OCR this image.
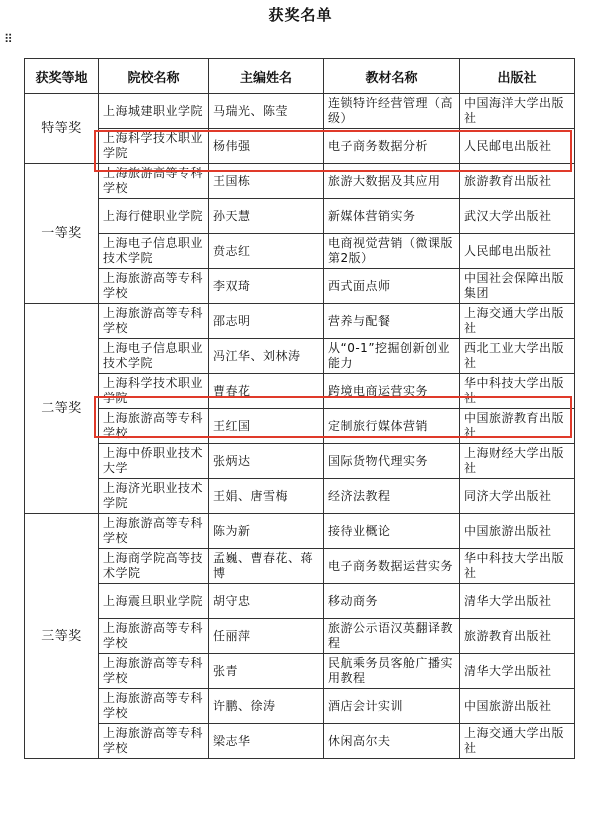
获奖名单
⠿
获奖等地	院校名称	主编姓名	教材名称	出版社
特等奖	上海城建职业学院	马瑞光、陈莹	连锁特许经营管理（高级）	中国海洋大学出版社
	上海科学技术职业学院	杨伟强	电子商务数据分析	人民邮电出版社
一等奖	上海旅游高等专科学校	王国栋	旅游大数据及其应用	旅游教育出版社
	上海行健职业学院	孙天慧	新媒体营销实务	武汉大学出版社
	上海电子信息职业技术学院	贲志红	电商视觉营销（微课版 第2版）	人民邮电出版社
	上海旅游高等专科学校	李双琦	西式面点师	中国社会保障出版集团
二等奖	上海旅游高等专科学校	邵志明	营养与配餐	上海交通大学出版社
	上海电子信息职业技术学院	冯江华、刘林涛	从“0-1”挖掘创新创业能力	西北工业大学出版社
	上海科学技术职业学院	曹春花	跨境电商运营实务	华中科技大学出版社
	上海旅游高等专科学校	王红国	定制旅行媒体营销	中国旅游教育出版社
	上海中侨职业技术大学	张炳达	国际货物代理实务	上海财经大学出版社
	上海济光职业技术学院	王娟、唐雪梅	经济法教程	同济大学出版社
三等奖	上海旅游高等专科学校	陈为新	接待业概论	中国旅游出版社
	上海商学院高等技术学院	孟巍、曹春花、蒋博	电子商务数据运营实务	华中科技大学出版社
	上海震旦职业学院	胡守忠	移动商务	清华大学出版社
	上海旅游高等专科学校	任丽萍	旅游公示语汉英翻译教程	旅游教育出版社
	上海旅游高等专科学校	张青	民航乘务员客舱广播实用教程	清华大学出版社
	上海旅游高等专科学校	许鹏、徐涛	酒店会计实训	中国旅游出版社
	上海旅游高等专科学校	梁志华	休闲高尔夫	上海交通大学出版社
